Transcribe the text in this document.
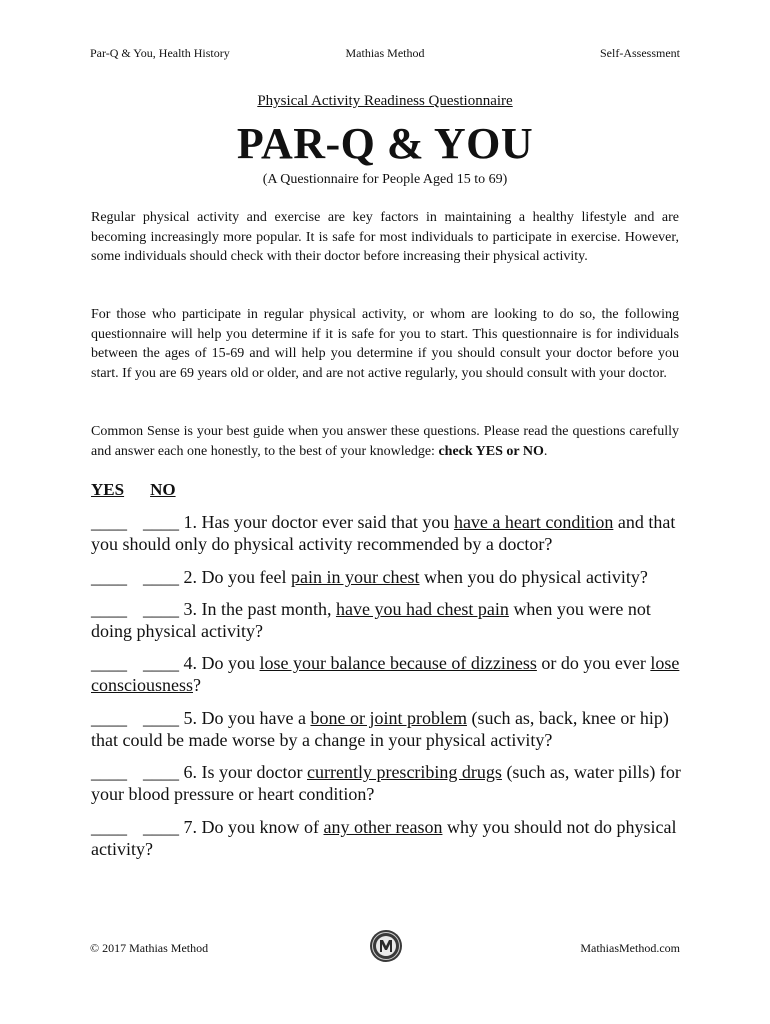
Par-Q & You, Health History	Mathias Method	Self-Assessment
Physical Activity Readiness Questionnaire
PAR-Q & YOU
(A Questionnaire for People Aged 15 to 69)
Regular physical activity and exercise are key factors in maintaining a healthy lifestyle and are becoming increasingly more popular. It is safe for most individuals to participate in exercise. However, some individuals should check with their doctor before increasing their physical activity.
For those who participate in regular physical activity, or whom are looking to do so, the following questionnaire will help you determine if it is safe for you to start. This questionnaire is for individuals between the ages of 15-69 and will help you determine if you should consult your doctor before you start. If you are 69 years old or older, and are not active regularly, you should consult with your doctor.
Common Sense is your best guide when you answer these questions. Please read the questions carefully and answer each one honestly, to the best of your knowledge: check YES or NO.
YES NO
____ ____ 1. Has your doctor ever said that you have a heart condition and that you should only do physical activity recommended by a doctor?
____ ____ 2. Do you feel pain in your chest when you do physical activity?
____ ____ 3. In the past month, have you had chest pain when you were not doing physical activity?
____ ____ 4. Do you lose your balance because of dizziness or do you ever lose consciousness?
____ ____ 5. Do you have a bone or joint problem (such as, back, knee or hip) that could be made worse by a change in your physical activity?
____ ____ 6. Is your doctor currently prescribing drugs (such as, water pills) for your blood pressure or heart condition?
____ ____ 7. Do you know of any other reason why you should not do physical activity?
© 2017 Mathias Method	MathiasMethod.com
